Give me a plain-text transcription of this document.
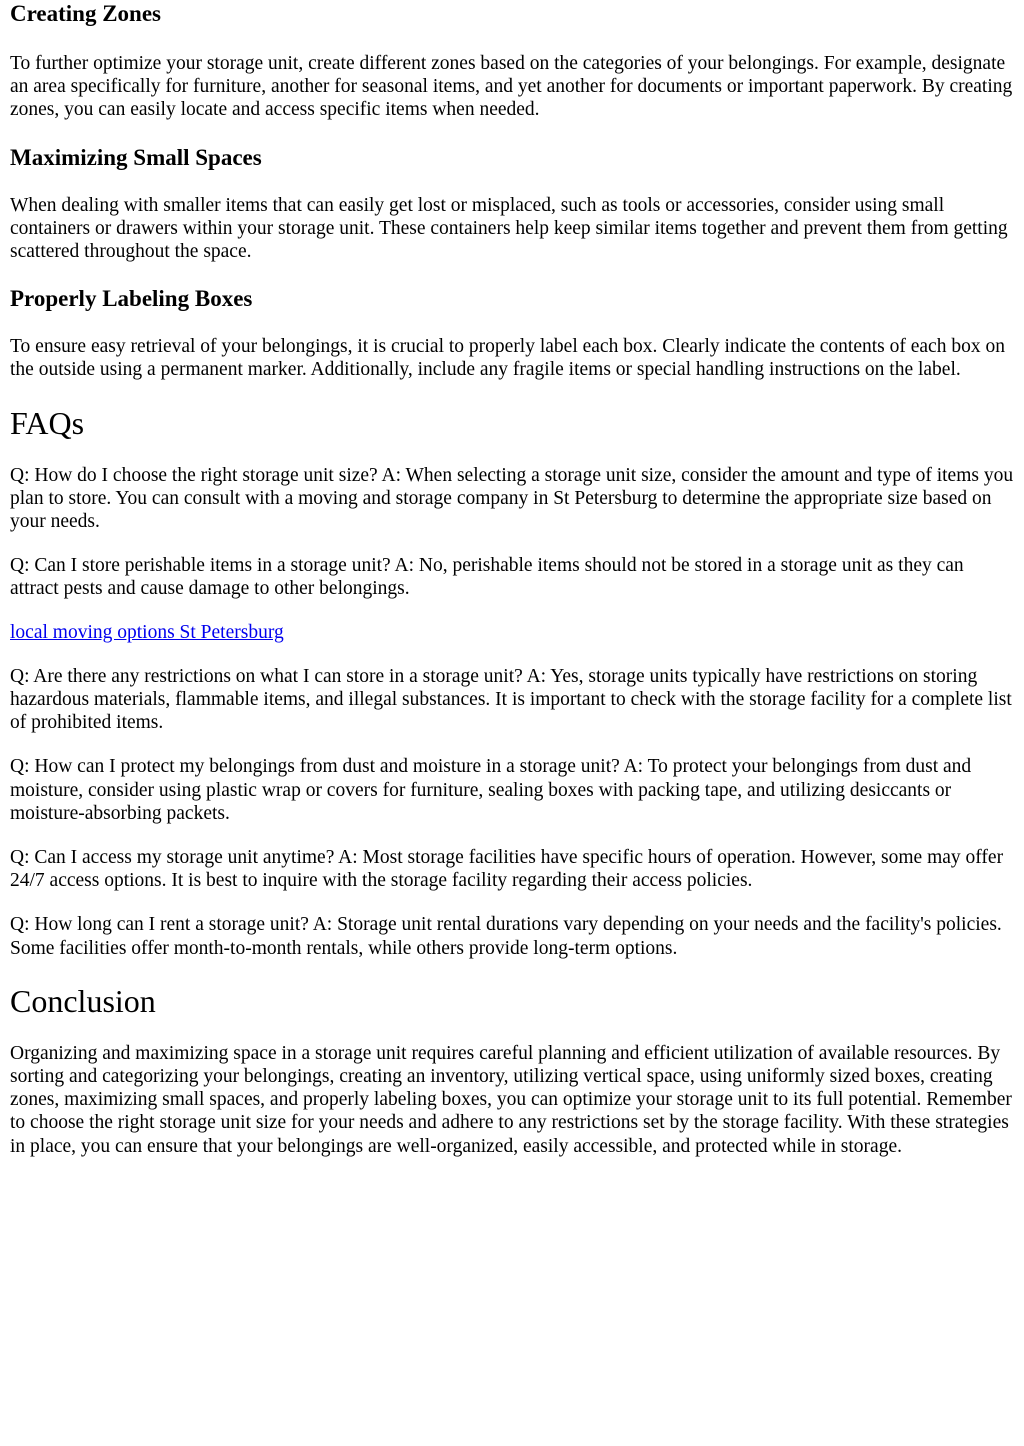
Creating Zones

To further optimize your storage unit, create different zones based on the categories of your belongings. For example, designate an area specifically for furniture, another for seasonal items, and yet another for documents or important paperwork. By creating zones, you can easily locate and access specific items when needed.

Maximizing Small Spaces

When dealing with smaller items that can easily get lost or misplaced, such as tools or accessories, consider using small containers or drawers within your storage unit. These containers help keep similar items together and prevent them from getting scattered throughout the space.

Properly Labeling Boxes

To ensure easy retrieval of your belongings, it is crucial to properly label each box. Clearly indicate the contents of each box on the outside using a permanent marker. Additionally, include any fragile items or special handling instructions on the label.

FAQs

Q: How do I choose the right storage unit size? A: When selecting a storage unit size, consider the amount and type of items you plan to store. You can consult with a moving and storage company in St Petersburg to determine the appropriate size based on your needs.

Q: Can I store perishable items in a storage unit? A: No, perishable items should not be stored in a storage unit as they can attract pests and cause damage to other belongings.

local moving options St Petersburg

Q: Are there any restrictions on what I can store in a storage unit? A: Yes, storage units typically have restrictions on storing hazardous materials, flammable items, and illegal substances. It is important to check with the storage facility for a complete list of prohibited items.

Q: How can I protect my belongings from dust and moisture in a storage unit? A: To protect your belongings from dust and moisture, consider using plastic wrap or covers for furniture, sealing boxes with packing tape, and utilizing desiccants or moisture-absorbing packets.

Q: Can I access my storage unit anytime? A: Most storage facilities have specific hours of operation. However, some may offer 24/7 access options. It is best to inquire with the storage facility regarding their access policies.

Q: How long can I rent a storage unit? A: Storage unit rental durations vary depending on your needs and the facility's policies. Some facilities offer month-to-month rentals, while others provide long-term options.

Conclusion

Organizing and maximizing space in a storage unit requires careful planning and efficient utilization of available resources. By sorting and categorizing your belongings, creating an inventory, utilizing vertical space, using uniformly sized boxes, creating zones, maximizing small spaces, and properly labeling boxes, you can optimize your storage unit to its full potential. Remember to choose the right storage unit size for your needs and adhere to any restrictions set by the storage facility. With these strategies in place, you can ensure that your belongings are well-organized, easily accessible, and protected while in storage.
